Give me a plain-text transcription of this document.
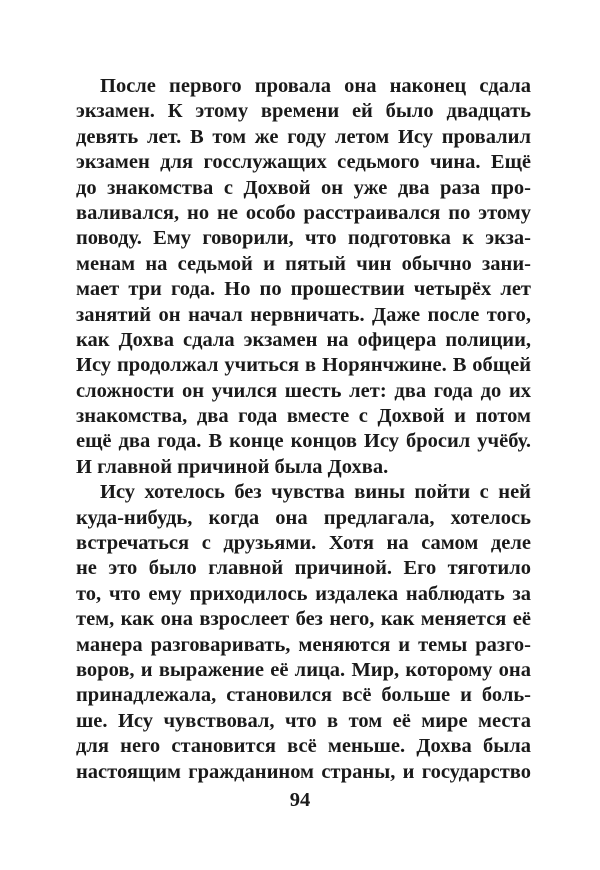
После первого провала она наконец сдала
экзамен. К этому времени ей было двадцать
девять лет. В том же году летом Ису провалил
экзамен для госслужащих седьмого чина. Ещё
до знакомства с Дохвой он уже два раза про-
валивался, но не особо расстраивался по этому
поводу. Ему говорили, что подготовка к экза-
менам на седьмой и пятый чин обычно зани-
мает три года. Но по прошествии четырёх лет
занятий он начал нервничать. Даже после того,
как Дохва сдала экзамен на офицера полиции,
Ису продолжал учиться в Норянчжине. В общей
сложности он учился шесть лет: два года до их
знакомства, два года вместе с Дохвой и потом
ещё два года. В конце концов Ису бросил учёбу.
И главной причиной была Дохва.
Ису хотелось без чувства вины пойти с ней
куда-нибудь, когда она предлагала, хотелось
встречаться с друзьями. Хотя на самом деле
не это было главной причиной. Его тяготило
то, что ему приходилось издалека наблюдать за
тем, как она взрослеет без него, как меняется её
манера разговаривать, меняются и темы разго-
воров, и выражение её лица. Мир, которому она
принадлежала, становился всё больше и боль-
ше. Ису чувствовал, что в том её мире места
для него становится всё меньше. Дохва была
настоящим гражданином страны, и государство
94
